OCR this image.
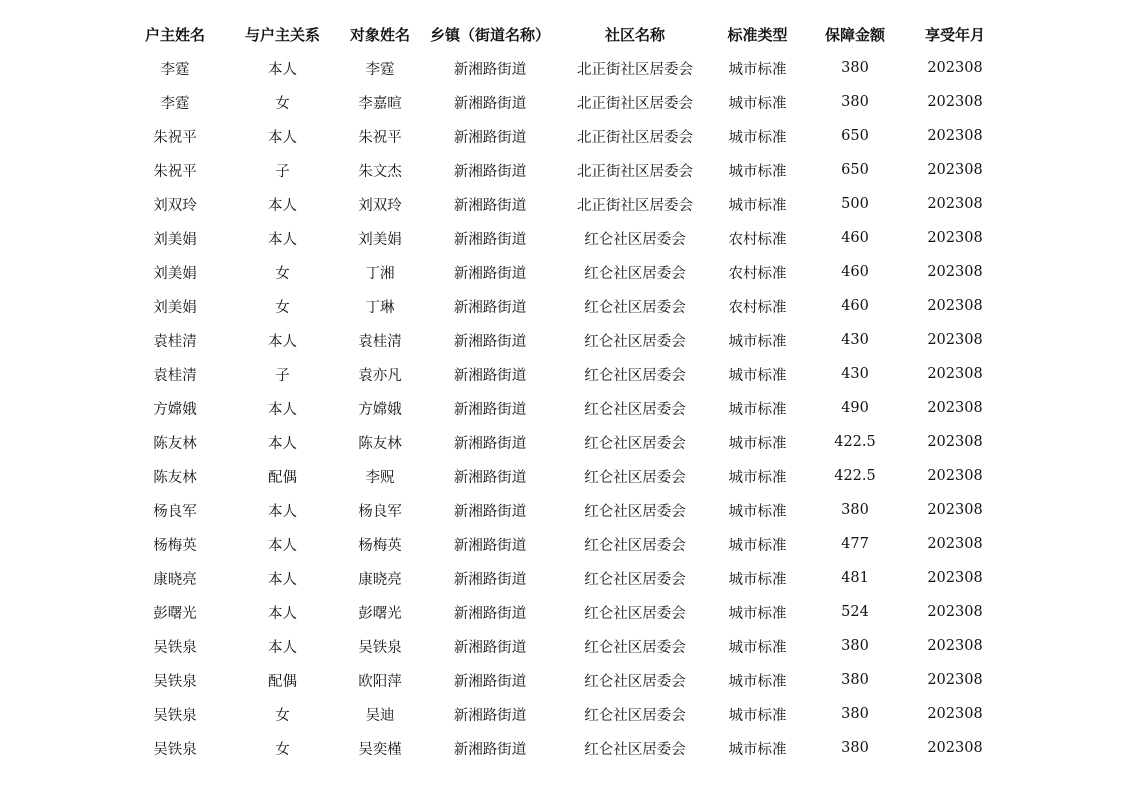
户主姓名	与户主关系	对象姓名	乡镇（街道名称）	社区名称	标准类型	保障金额	享受年月
李霆	本人	李霆	新湘路街道	北正街社区居委会	城市标准	380	202308
李霆	女	李嘉暄	新湘路街道	北正街社区居委会	城市标准	380	202308
朱祝平	本人	朱祝平	新湘路街道	北正街社区居委会	城市标准	650	202308
朱祝平	子	朱文杰	新湘路街道	北正街社区居委会	城市标准	650	202308
刘双玲	本人	刘双玲	新湘路街道	北正街社区居委会	城市标准	500	202308
刘美娟	本人	刘美娟	新湘路街道	红仑社区居委会	农村标准	460	202308
刘美娟	女	丁湘	新湘路街道	红仑社区居委会	农村标准	460	202308
刘美娟	女	丁琳	新湘路街道	红仑社区居委会	农村标准	460	202308
袁桂清	本人	袁桂清	新湘路街道	红仑社区居委会	城市标准	430	202308
袁桂清	子	袁亦凡	新湘路街道	红仑社区居委会	城市标准	430	202308
方嫦娥	本人	方嫦娥	新湘路街道	红仑社区居委会	城市标准	490	202308
陈友林	本人	陈友林	新湘路街道	红仑社区居委会	城市标准	422.5	202308
陈友林	配偶	李贶	新湘路街道	红仑社区居委会	城市标准	422.5	202308
杨良军	本人	杨良军	新湘路街道	红仑社区居委会	城市标准	380	202308
杨梅英	本人	杨梅英	新湘路街道	红仑社区居委会	城市标准	477	202308
康晓亮	本人	康晓亮	新湘路街道	红仑社区居委会	城市标准	481	202308
彭曙光	本人	彭曙光	新湘路街道	红仑社区居委会	城市标准	524	202308
吴铁泉	本人	吴铁泉	新湘路街道	红仑社区居委会	城市标准	380	202308
吴铁泉	配偶	欧阳萍	新湘路街道	红仑社区居委会	城市标准	380	202308
吴铁泉	女	吴迪	新湘路街道	红仑社区居委会	城市标准	380	202308
吴铁泉	女	吴奕槿	新湘路街道	红仑社区居委会	城市标准	380	202308
